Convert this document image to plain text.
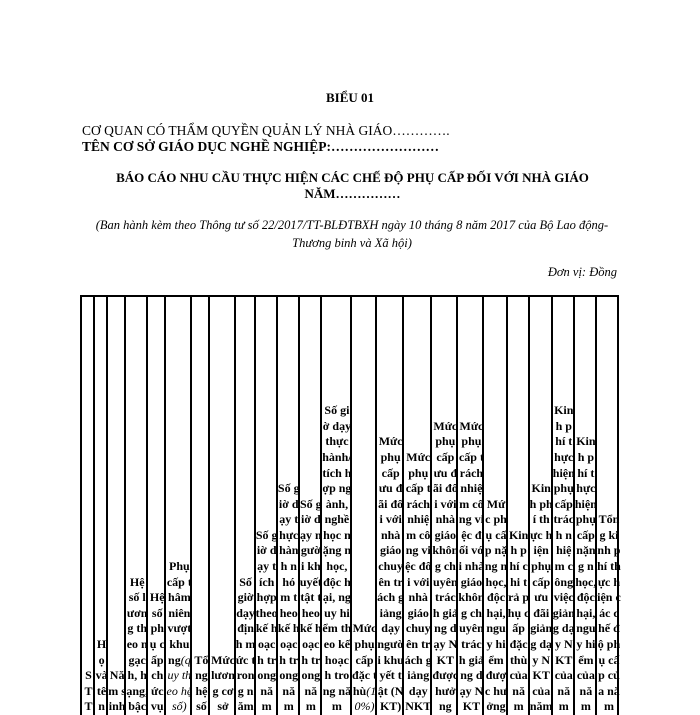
BIỂU 01
CƠ QUAN CÓ THẨM QUYỀN QUẢN LÝ NHÀ GIÁO………….
TÊN CƠ SỞ GIÁO DỤC NGHỀ NGHIỆP:……………………
BÁO CÁO NHU CẦU THỰC HIỆN CÁC CHẾ ĐỘ PHỤ CẤP ĐỐI VỚI NHÀ GIÁO NĂM……………
(Ban hành kèm theo Thông tư số 22/2017/TT-BLĐTBXH ngày 10 tháng 8 năm 2017 của Bộ Lao động-Thương binh và Xã hội)
Đơn vị: Đồng
STT
Họ và tên
Năm sinh
Hệ số lương theo ngạch, hạng, bậc
Hệ số phụ cấp chức vụ
Phụ cấp thâm niên vượt khung(quy theo hệ số)
Tổng hệ số
Mức lương cơ sở
Số giờ dạy định mức trong năm
Số giờ dạy tích hợp theo kế hoạch trong năm
Số giờ dạy thực hành nhóm theo kế hoạch trong năm
Số giờ dạy người khuyết tật theo kế hoạch trong năm
Số giờ dạy thực hành/tích hợp ngành, nghề học nặng nhọc, độc hại, nguy hiểm theo kế hoạch trong năm
Mức phụ cấp đặc thù(10%)
Mức phụ cấp ưu đãi đối với nhà giáo chuyên trách giảng dạy người khuyết tật (NKT)
Mức phụ cấp trách nhiệm công việc đối với nhà giáo chuyên trách giảng dạy NKT
Mức phụ cấp ưu đãi đối với nhà giáo không chuyên trách giảng dạy NKT được hưởng
Mức phụ cấp trách nhiệm công việc đối với nhà giáo không chuyên trách giảng dạy NKT
Mức phụ cấp nặng nhọc, độc hại, nguy hiểm được hưởng
Kinh phí chi trả phụ cấp đặc thù của năm
Kinh phí thực hiện phụ cấp ưu đãi giảng dạy NKT của năm
Kinh phí thực hiện phụ cấp trách nhiệm công việc giảng dạy NKT của năm
Kinh phí thực hiện phụ cấp nặng nhọc, độc hại, nguy hiểm của năm
Tổng kinh phí thực hiện các chế độ phụ cấp của năm
